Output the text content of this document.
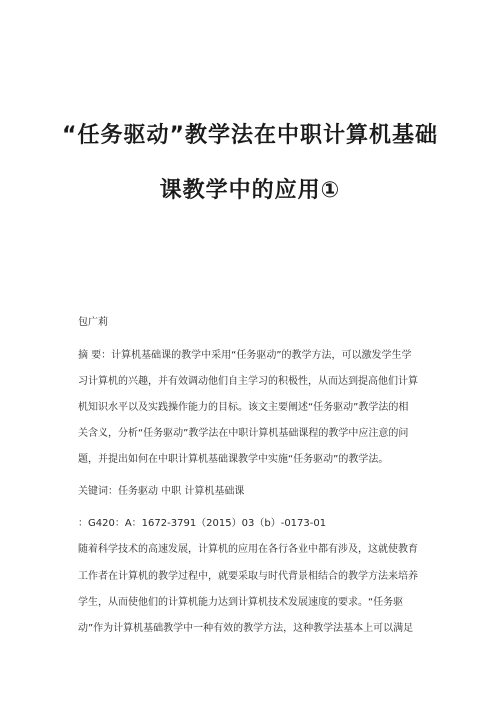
“任务驱动”教学法在中职计算机基础
课教学中的应用①
包广莉
摘 要：计算机基础课的教学中采用“任务驱动”的教学方法，可以激发学生学
习计算机的兴趣，并有效调动他们自主学习的积极性，从而达到提高他们计算
机知识水平以及实践操作能力的目标。该文主要阐述“任务驱动”教学法的相
关含义，分析“任务驱动”教学法在中职计算机基础课程的教学中应注意的问
题，并提出如何在中职计算机基础课教学中实施“任务驱动”的教学法。
关键词：任务驱动 中职 计算机基础课
：G420：A：1672-3791（2015）03（b）-0173-01
随着科学技术的高速发展，计算机的应用在各行各业中都有涉及，这就使教育
工作者在计算机的教学过程中，就要采取与时代背景相结合的教学方法来培养
学生，从而使他们的计算机能力达到计算机技术发展速度的要求。“任务驱
动”作为计算机基础教学中一种有效的教学方法，这种教学法基本上可以满足
